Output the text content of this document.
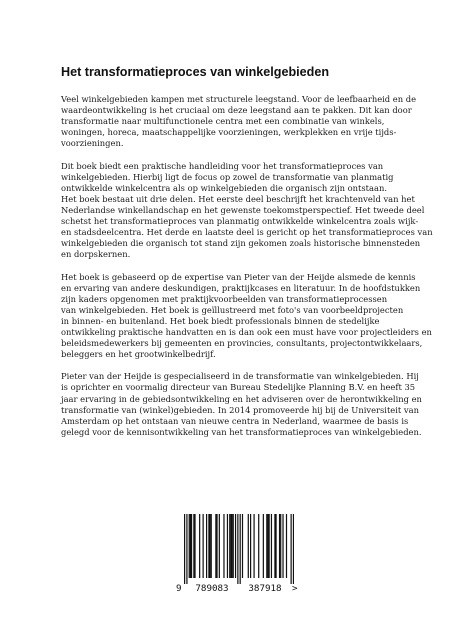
Het transformatieproces van winkelgebieden

Veel winkelgebieden kampen met structurele leegstand. Voor de leefbaarheid en de
waardeontwikkeling is het cruciaal om deze leegstand aan te pakken. Dit kan door
transformatie naar multifunctionele centra met een combinatie van winkels,
woningen, horeca, maatschappelijke voorzieningen, werkplekken en vrije tijds-
voorzieningen.

Dit boek biedt een praktische handleiding voor het transformatieproces van
winkelgebieden. Hierbij ligt de focus op zowel de transformatie van planmatig
ontwikkelde winkelcentra als op winkelgebieden die organisch zijn ontstaan.
Het boek bestaat uit drie delen. Het eerste deel beschrijft het krachtenveld van het
Nederlandse winkellandschap en het gewenste toekomstperspectief. Het tweede deel
schetst het transformatieproces van planmatig ontwikkelde winkelcentra zoals wijk-
en stadsdeelcentra. Het derde en laatste deel is gericht op het transformatieproces van
winkelgebieden die organisch tot stand zijn gekomen zoals historische binnensteden
en dorpskernen.

Het boek is gebaseerd op de expertise van Pieter van der Heijde alsmede de kennis
en ervaring van andere deskundigen, praktijkcases en literatuur. In de hoofdstukken
zijn kaders opgenomen met praktijkvoorbeelden van transformatieprocessen
van winkelgebieden. Het boek is geïllustreerd met foto's van voorbeeldprojecten
in binnen- en buitenland. Het boek biedt professionals binnen de stedelijke
ontwikkeling praktische handvatten en is dan ook een must have voor projectleiders en
beleidsmedewerkers bij gemeenten en provincies, consultants, projectontwikkelaars,
beleggers en het grootwinkelbedrijf.

Pieter van der Heijde is gespecialiseerd in de transformatie van winkelgebieden. Hij
is oprichter en voormalig directeur van Bureau Stedelijke Planning B.V. en heeft 35
jaar ervaring in de gebiedsontwikkeling en het adviseren over de herontwikkeling en
transformatie van (winkel)gebieden. In 2014 promoveerde hij bij de Universiteit van
Amsterdam op het ontstaan van nieuwe centra in Nederland, waarmee de basis is
gelegd voor de kennisontwikkeling van het transformatieproces van winkelgebieden.

9 789083 387918 >
